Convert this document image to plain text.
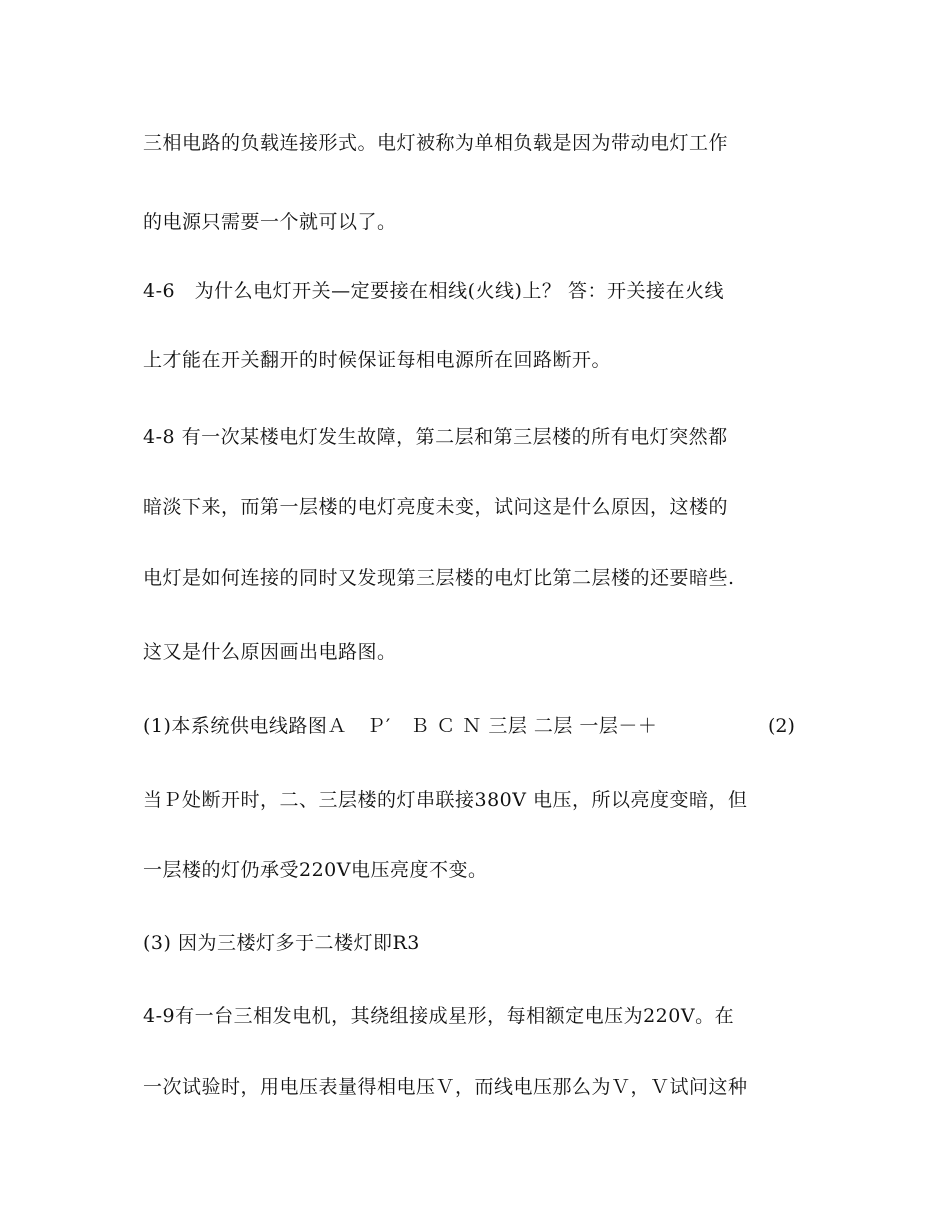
三相电路的负载连接形式。电灯被称为单相负载是因为带动电灯工作
的电源只需要一个就可以了。
4-6　为什么电灯开关—定要接在相线(火线)上？ 答：开关接在火线
上才能在开关翻开的时候保证每相电源所在回路断开。
4-8 有一次某楼电灯发生故障，第二层和第三层楼的所有电灯突然都
暗淡下来，而第一层楼的电灯亮度未变，试问这是什么原因，这楼的
电灯是如何连接的同时又发现第三层楼的电灯比第二层楼的还要暗些.
这又是什么原因画出电路图。
(1)本系统供电线路图Ａ　Ｐ′　Ｂ Ｃ Ｎ 三层 二层 一层－＋	(2)
当Ｐ处断开时，二、三层楼的灯串联接380V 电压，所以亮度变暗，但
一层楼的灯仍承受220V电压亮度不变。
(3) 因为三楼灯多于二楼灯即R3
4-9有一台三相发电机，其绕组接成星形，每相额定电压为220V。在
一次试验时，用电压表量得相电压Ｖ，而线电压那么为Ｖ，Ｖ试问这种
